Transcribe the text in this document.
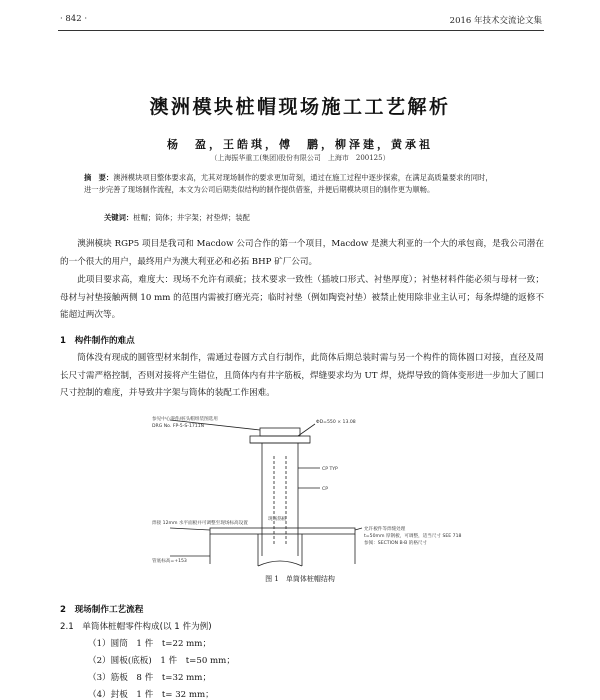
· 842 ·	2016 年技术交流论文集
澳洲模块桩帽现场施工工艺解析
杨　盈，王皓琪，傅　鹏，柳泽建，黄承祖
（上海振华重工(集团)股份有限公司　上海市　200125）
摘　要：澳洲模块项目整体要求高，尤其对现场制作的要求更加苛刻，通过在施工过程中逐步探索，在满足高质量要求的同时，进一步完善了现场制作流程，本文为公司后期类似结构的制作提供借鉴，并便后期模块项目的制作更为顺畅。
关键词：桩帽；筒体；井字架；衬垫焊；装配
澳洲模块 RGP5 项目是我司和 Macdow 公司合作的第一个项目，Macdow 是澳大利亚的一个大的承包商，是我公司潜在的一个很大的用户，最终用户为澳大利亚必和必拓 BHP 矿厂公司。
此项目要求高，难度大：现场不允许有顽疵；技术要求一致性（插坡口形式、衬垫厚度）；衬垫材料件能必须与母材一致；母材与衬垫接触两侧 10 mm 的范围内需被打磨光亮；临时衬垫（例如陶瓷衬垫）被禁止使用除非业主认可；每条焊缝的返修不能超过两次等。
1　构件制作的难点
筒体没有现成的圆管型材来制作，需通过卷圆方式自行制作，此筒体后期总装时需与另一个构件的筒体圆口对接，直径及周长尺寸需严格控制，否则对接将产生错位，且筒体内有井字筋板，焊缝要求均为 UT 焊，烧焊导致的筒体变形进一步加大了圆口尺寸控制的难度，并导致井字架与筒体的装配工作困难。
参见中心零件/桩头帽组装图选用
DRG No. FP-5-S-1711N
ΦD=550 × 13.08
CP TYP
CP
焊接 12mm 水平面板并可调整至现场标高设置
现场筋板
允许板件等焊缝处理
t=50mm 厚钢板，可调整，适当尺寸 SEE 718
参阅：SECTION B-B 的格尺寸
管底标高=+153
图 1　单筒体桩帽结构
2　现场制作工艺流程
2.1　单筒体桩帽零件构成(以 1 件为例)
（1）圆筒　1 件　t=22 mm；
（2）圆板(底板)　1 件　t=50 mm；
（3）筋板　8 件　t=32 mm；
（4）封板　1 件　t= 32 mm；
